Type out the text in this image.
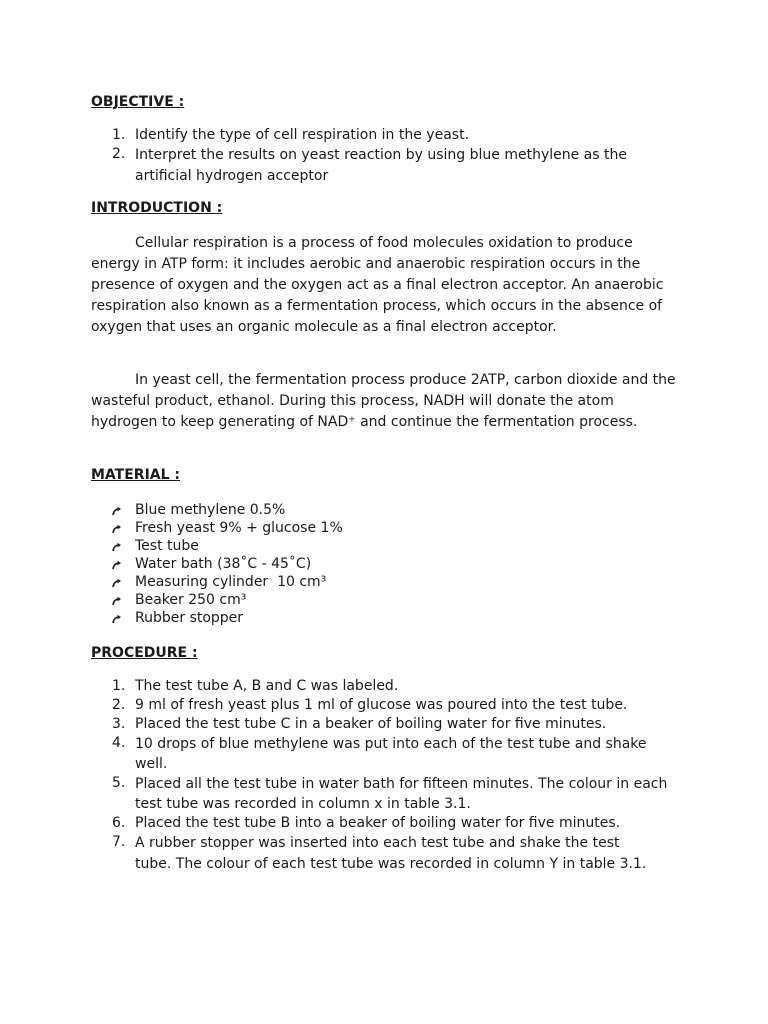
OBJECTIVE :
1. Identify the type of cell respiration in the yeast.
2. Interpret the results on yeast reaction by using blue methylene as the artificial hydrogen acceptor
INTRODUCTION :

Cellular respiration is a process of food molecules oxidation to produce energy in ATP form: it includes aerobic and anaerobic respiration occurs in the presence of oxygen and the oxygen act as a final electron acceptor. An anaerobic respiration also known as a fermentation process, which occurs in the absence of oxygen that uses an organic molecule as a final electron acceptor.

In yeast cell, the fermentation process produce 2ATP, carbon dioxide and the wasteful product, ethanol. During this process, NADH will donate the atom hydrogen to keep generating of NAD⁺ and continue the fermentation process.

MATERIAL :
Blue methylene 0.5%
Fresh yeast 9% + glucose 1%
Test tube
Water bath (38˚C - 45˚C)
Measuring cylinder  10 cm³
Beaker 250 cm³
Rubber stopper
PROCEDURE :
1. The test tube A, B and C was labeled.
2. 9 ml of fresh yeast plus 1 ml of glucose was poured into the test tube.
3. Placed the test tube C in a beaker of boiling water for five minutes.
4. 10 drops of blue methylene was put into each of the test tube and shake well.
5. Placed all the test tube in water bath for fifteen minutes. The colour in each test tube was recorded in column x in table 3.1.
6. Placed the test tube B into a beaker of boiling water for five minutes.
7. A rubber stopper was inserted into each test tube and shake the test tube. The colour of each test tube was recorded in column Y in table 3.1.
